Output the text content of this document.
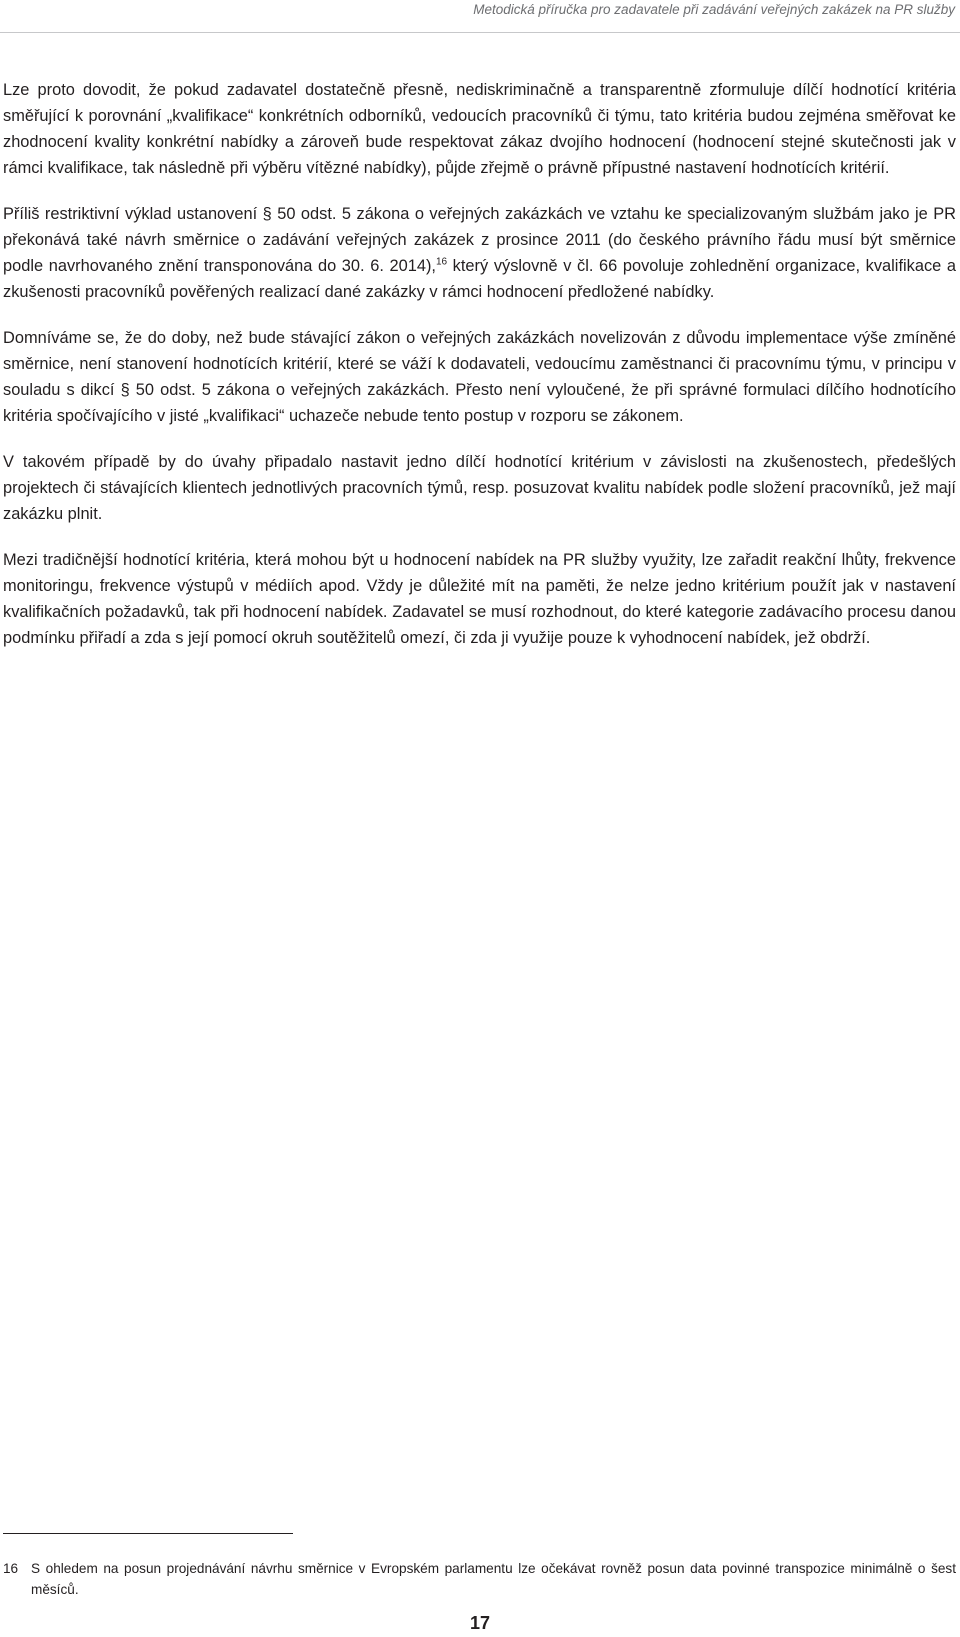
Metodická příručka pro zadavatele při zadávání veřejných zakázek na PR služby

Lze proto dovodit, že pokud zadavatel dostatečně přesně, nediskriminačně a transparentně zformuluje dílčí hodnotící kritéria směřující k porovnání „kvalifikace“ konkrétních odborníků, vedoucích pracovníků či týmu, tato kritéria budou zejména směřovat ke zhodnocení kvality konkrétní nabídky a zároveň bude respektovat zákaz dvojího hodnocení (hodnocení stejné skutečnosti jak v rámci kvalifikace, tak následně při výběru vítězné nabídky), půjde zřejmě o právně přípustné nastavení hodnotících kritérií.

Příliš restriktivní výklad ustanovení § 50 odst. 5 zákona o veřejných zakázkách ve vztahu ke specializovaným službám jako je PR překonává také návrh směrnice o zadávání veřejných zakázek z prosince 2011 (do českého právního řádu musí být směrnice podle navrhovaného znění transponována do 30. 6. 2014),$^{16}$ který výslovně v čl. 66 povoluje zohlednění organizace, kvalifikace a zkušenosti pracovníků pověřených realizací dané zakázky v rámci hodnocení předložené nabídky.

Domníváme se, že do doby, než bude stávající zákon o veřejných zakázkách novelizován z důvodu implementace výše zmíněné směrnice, není stanovení hodnotících kritérií, které se váží k dodavateli, vedoucímu zaměstnanci či pracovnímu týmu, v principu v souladu s dikcí § 50 odst. 5 zákona o veřejných zakázkách. Přesto není vyloučené, že při správné formulaci dílčího hodnotícího kritéria spočívajícího v jisté „kvalifikaci“ uchazeče nebude tento postup v rozporu se zákonem.

V takovém případě by do úvahy připadalo nastavit jedno dílčí hodnotící kritérium v závislosti na zkušenostech, předešlých projektech či stávajících klientech jednotlivých pracovních týmů, resp. posuzovat kvalitu nabídek podle složení pracovníků, jež mají zakázku plnit.

Mezi tradičnější hodnotící kritéria, která mohou být u hodnocení nabídek na PR služby využity, lze zařadit reakční lhůty, frekvence monitoringu, frekvence výstupů v médiích apod. Vždy je důležité mít na paměti, že nelze jedno kritérium použít jak v nastavení kvalifikačních požadavků, tak při hodnocení nabídek. Zadavatel se musí rozhodnout, do které kategorie zadávacího procesu danou podmínku přiřadí a zda s její pomocí okruh soutěžitelů omezí, či zda ji využije pouze k vyhodnocení nabídek, jež obdrží.

16 S ohledem na posun projednávání návrhu směrnice v Evropském parlamentu lze očekávat rovněž posun data povinné transpozice minimálně o šest měsíců.
17
